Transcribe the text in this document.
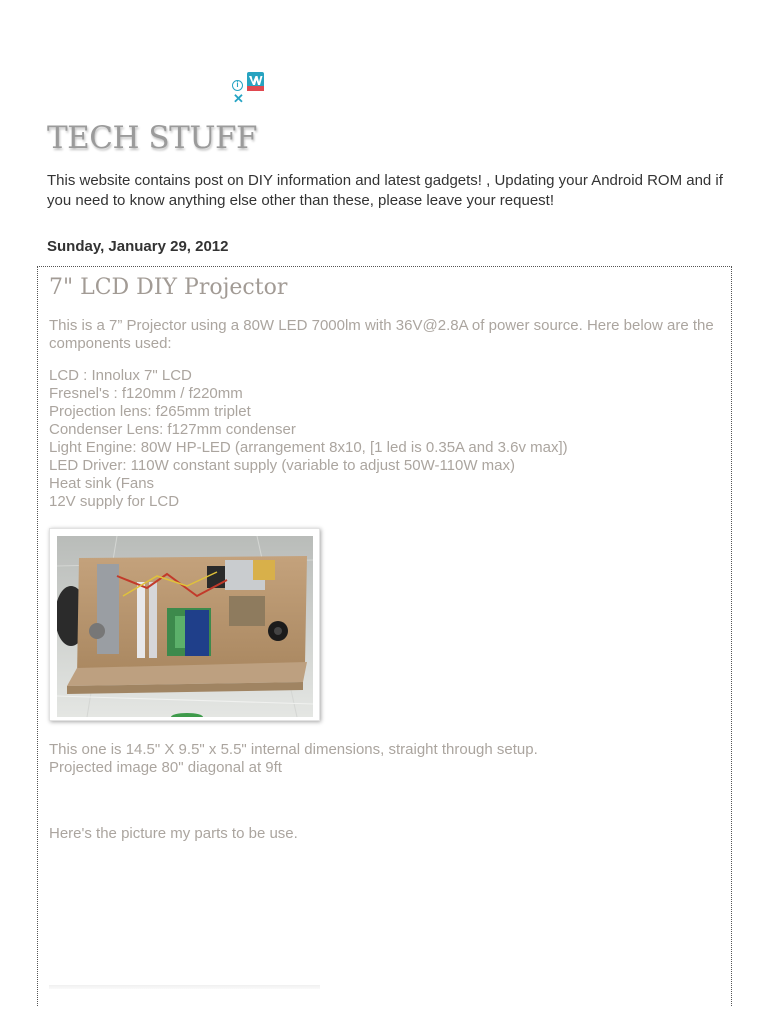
i
✕
TECH STUFF

This website contains post on DIY information and latest gadgets! , Updating your Android ROM and if you need to know anything else other than these, please leave your request!

Sunday, January 29, 2012
7" LCD DIY Projector

This is a 7” Projector using a 80W LED 7000lm with 36V@2.8A of power source. Here below are the components used:

LCD : Innolux 7" LCD
Fresnel's : f120mm / f220mm
Projection lens: f265mm triplet
Condenser Lens: f127mm condenser
Light Engine: 80W HP-LED (arrangement 8x10, [1 led is 0.35A and 3.6v max])
LED Driver: 110W constant supply (variable to adjust 50W-110W max)
Heat sink (Fans
12V supply for LCD
This one is 14.5" X 9.5" x 5.5" internal dimensions, straight through setup.
Projected image 80" diagonal at 9ft

Here's the picture my parts to be use.
